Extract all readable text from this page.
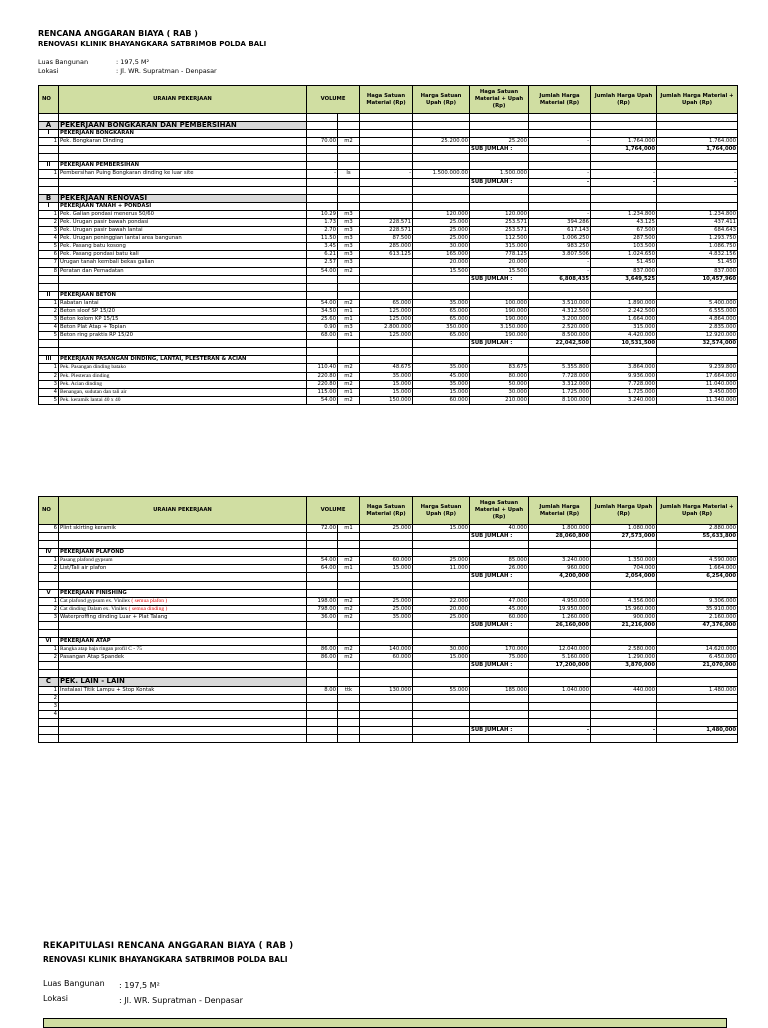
RENCANA ANGGARAN BIAYA ( RAB )
RENOVASI KLINIK BHAYANGKARA SATBRIMOB POLDA BALI
Luas Bangunan	: 197,5 M²
Lokasi	: Jl. WR. Supratman - Denpasar
NO	URAIAN PEKERJAAN	VOLUME		Haga Satuan Material (Rp)	Harga Satuan Upah (Rp)	Haga Satuan Material + Upah (Rp)	Jumlah Harga Material (Rp)	Jumlah Harga Upah (Rp)	Jumlah Harga Material + Upah (Rp)

A	PEKERJAAN BONGKARAN DAN PEMBERSIHAN								
I	PEKERJAAN BONGKARAN								
1	Pek. Bongkaran Dinding	70.00	m2		25.200.00	25.200	-	1.764.000	1.764.000
						SUB JUMLAH :		1,764,000	1,764,000

II	PEKERJAAN PEMBERSIHAN								
1	Pembersihan Puing Bongkaran dinding ke luar site	-	ls	-	1.500.000.00	1.500.000	-	-	-
						SUB JUMLAH :	-	-	-

B	PEKERJAAN RENOVASI								
I	PEKERJAAN TANAH + PONDASI								
1	Pek. Galian pondasi menerus 50/60	10.29	m3		120.000	120.000	-	1.234.800	1.234.800
2	Pek. Urugan pasir bawah pondasi	1.73	m3	228.571	25.000	253.571	394.286	43.125	437.411
3	Pek. Urugan pasir bawah lantai	2.70	m3	228.571	25.000	253.571	617.143	67.500	684.643
4	Pek. Urugan peninggian lantai area bangunan	11.50	m3	87.500	25.000	112.500	1.006.250	287.500	1.293.750
5	Pek. Pasang batu kosong	3.45	m3	285.000	30.000	315.000	983.250	103.500	1.086.750
6	Pek. Pasang pondasi batu kali	6.21	m3	613.125	165.000	778.125	3.807.506	1.024.650	4.832.156
7	Urugan tanah kembali bekas galian	2.57	m3		20.000	20.000	-	51.450	51.450
8	Peratan dan Pemadatan	54.00	m2		15.500	15.500	-	837.000	837.000
						SUB JUMLAH :	6,808,435	3,649,525	10,457,960

II	PEKERJAAN BETON								
1	Rabatan lantai	54.00	m2	65.000	35.000	100.000	3.510.000	1.890.000	5.400.000
2	Beton sloof SP 15/20	34.50	m1	125.000	65.000	190.000	4.312.500	2.242.500	6.555.000
3	Beton kolom KP 15/15	25.60	m1	125.000	65.000	190.000	3.200.000	1.664.000	4.864.000
4	Beton Plat Atap + Topian	0.90	m3	2.800.000	350.000	3.150.000	2.520.000	315.000	2.835.000
5	Beton ring praktis RP 15/20	68.00	m1	125.000	65.000	190.000	8.500.000	4.420.000	12.920.000
						SUB JUMLAH :	22,042,500	10,531,500	32,574,000

III	PEKERJAAN PASANGAN DINDING, LANTAI, PLESTERAN & ACIAN								
1	Pek. Pasangan dinding batako	110.40	m2	48.675	35.000	83.675	5.355.800	3.864.000	9.239.800
2	Pek. Plesteran dinding	220.80	m2	35.000	45.000	80.000	7.728.000	9.936.000	17.664.000
3	Pek. Acian dinding	220.80	m2	15.000	35.000	50.000	3.312.000	7.728.000	11.040.000
4	Benangan, sudutan dan tali air	115.00	m1	15.000	15.000	30.000	1.725.000	1.725.000	3.450.000
5	Pek. keramik lantai 40 x 40	54.00	m2	150.000	60.000	210.000	8.100.000	3.240.000	11.340.000
NO	URAIAN PEKERJAAN	VOLUME		Haga Satuan Material (Rp)	Harga Satuan Upah (Rp)	Haga Satuan Material + Upah (Rp)	Jumlah Harga Material (Rp)	Jumlah Harga Upah (Rp)	Jumlah Harga Material + Upah (Rp)
6	Plint skirting keramik	72.00	m1	25.000	15.000	40.000	1.800.000	1.080.000	2.880.000
						SUB JUMLAH :	28,060,800	27,573,000	55,633,800

IV	PEKERJAAN PLAFOND								
1	Pasang plafond gypsum	54.00	m2	60.000	25.000	85.000	3.240.000	1.350.000	4.590.000
2	List/Tali air plafon	64.00	m1	15.000	11.000	26.000	960.000	704.000	1.664.000
						SUB JUMLAH :	4,200,000	2,054,000	6,254,000

V	PEKERJAAN FINISHING								
1	Cat plafond gypsum ex. Vinilex ( semua plafon )	198.00	m2	25.000	22.000	47.000	4.950.000	4.356.000	9.306.000
2	Cat dinding Dalam ex. Vinilex ( semua dinding )	798.00	m2	25.000	20.000	45.000	19.950.000	15.960.000	35.910.000
3	Waterproffing dinding Luar + Plat Talang	36.00	m2	35.000	25.000	60.000	1.260.000	900.000	2.160.000
						SUB JUMLAH :	26,160,000	21,216,000	47,376,000

VI	PEKERJAAN ATAP								
1	Rangka atap baja ringan profil C - 75	86.00	m2	140.000	30.000	170.000	12.040.000	2.580.000	14.620.000
2	Pasangan Atap Spandek	86.00	m2	60.000	15.000	75.000	5.160.000	1.290.000	6.450.000
						SUB JUMLAH :	17,200,000	3,870,000	21,070,000

C	PEK. LAIN - LAIN								
1	Instalasi Titik Lampu + Stop Kontak	8.00	ttk	130.000	55.000	185.000	1.040.000	440.000	1.480.000
2									
3									
4									

						SUB JUMLAH :	-	-	1,480,000

REKAPITULASI RENCANA ANGGARAN BIAYA ( RAB )
RENOVASI KLINIK BHAYANGKARA SATBRIMOB POLDA BALI
Luas Bangunan : 197,5 M²
Lokasi	: Jl. WR. Supratman - Denpasar
